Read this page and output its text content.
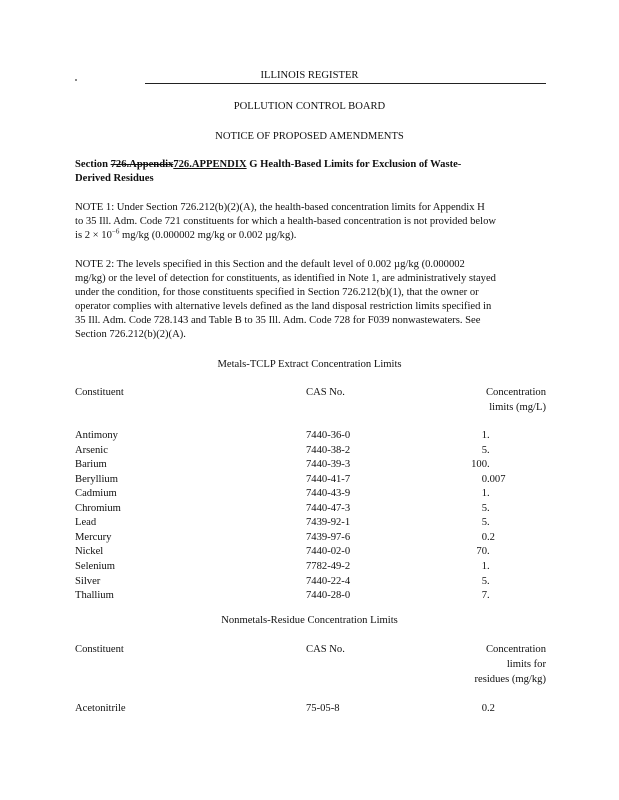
ILLINOIS REGISTER
POLLUTION CONTROL BOARD
NOTICE OF PROPOSED AMENDMENTS
Section 726.Appendix726.APPENDIX G Health-Based Limits for Exclusion of Waste-
Derived Residues
NOTE 1: Under Section 726.212(b)(2)(A), the health-based concentration limits for Appendix H
to 35 Ill. Adm. Code 721 constituents for which a health-based concentration is not provided below
is $2 \times 10^{-6}$ mg/kg (0.000002 mg/kg or 0.002 µg/kg).
NOTE 2: The levels specified in this Section and the default level of 0.002 µg/kg (0.000002
mg/kg) or the level of detection for constituents, as identified in Note 1, are administratively stayed
under the condition, for those constituents specified in Section 726.212(b)(1), that the owner or
operator complies with alternative levels defined as the land disposal restriction limits specified in
35 Ill. Adm. Code 728.143 and Table B to 35 Ill. Adm. Code 728 for F039 nonwastewaters. See
Section 726.212(b)(2)(A).
Metals-TCLP Extract Concentration Limits
Constituent	CAS No.	Concentration
limits (mg/L)
Antimony	7440-36-0	1.
Arsenic	7440-38-2	5.
Barium	7440-39-3	100.
Beryllium	7440-41-7	0.007
Cadmium	7440-43-9	1.
Chromium	7440-47-3	5.
Lead	7439-92-1	5.
Mercury	7439-97-6	0.2
Nickel	7440-02-0	70.
Selenium	7782-49-2	1.
Silver	7440-22-4	5.
Thallium	7440-28-0	7.
Nonmetals-Residue Concentration Limits
Constituent	CAS No.	Concentration
limits for
residues (mg/kg)
Acetonitrile	75-05-8	0.2
